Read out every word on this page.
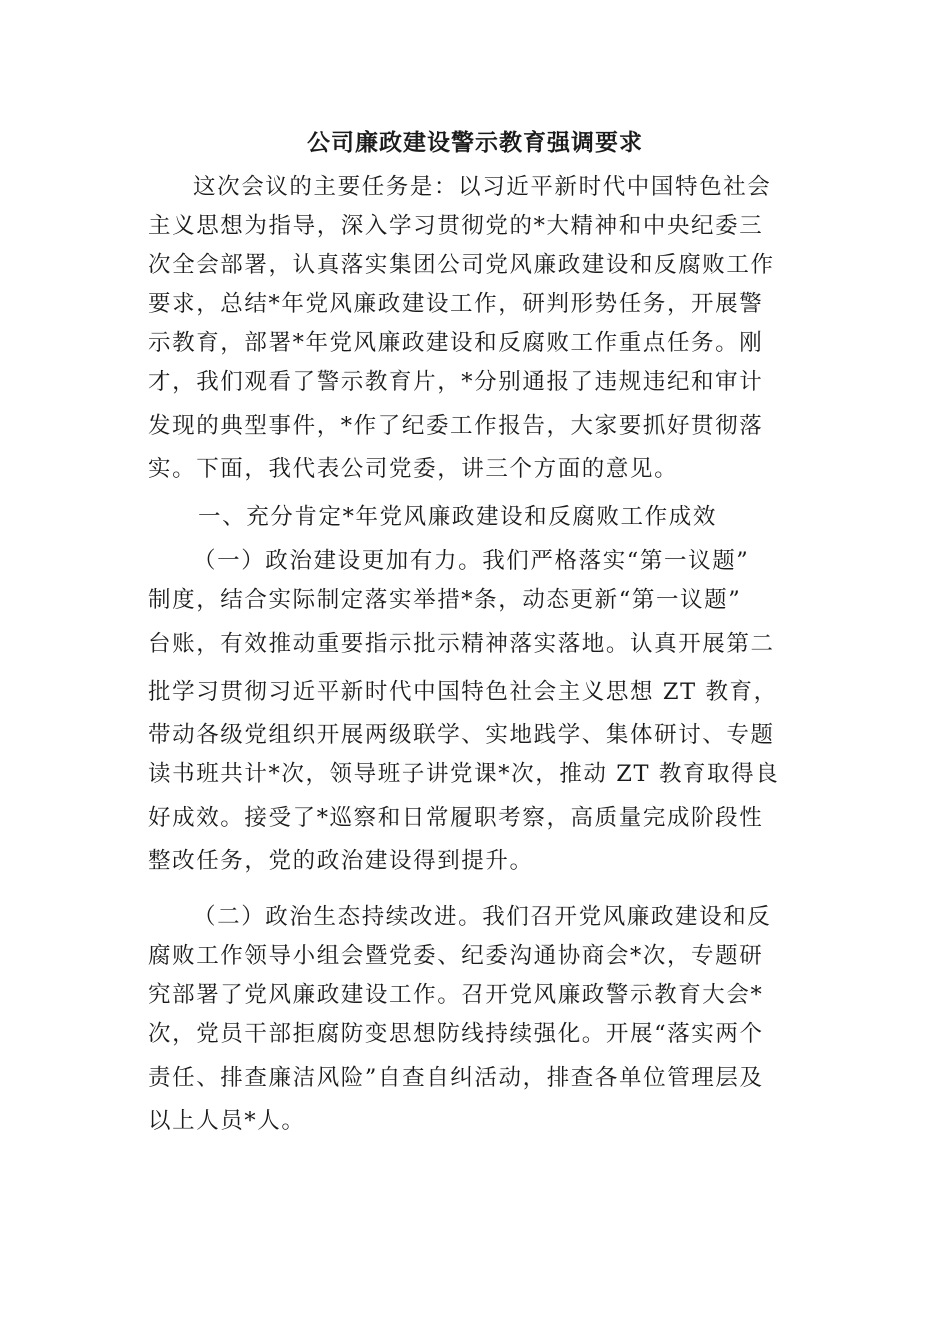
公司廉政建设警示教育强调要求
这次会议的主要任务是：以习近平新时代中国特色社会
主义思想为指导，深入学习贯彻党的*大精神和中央纪委三
次全会部署，认真落实集团公司党风廉政建设和反腐败工作
要求，总结*年党风廉政建设工作，研判形势任务，开展警
示教育，部署*年党风廉政建设和反腐败工作重点任务。刚
才，我们观看了警示教育片，*分别通报了违规违纪和审计
发现的典型事件，*作了纪委工作报告，大家要抓好贯彻落
实。下面，我代表公司党委，讲三个方面的意见。
一、充分肯定*年党风廉政建设和反腐败工作成效
（一）政治建设更加有力。我们严格落实“第一议题”
制度，结合实际制定落实举措*条，动态更新“第一议题”
台账，有效推动重要指示批示精神落实落地。认真开展第二
批学习贯彻习近平新时代中国特色社会主义思想 ZT 教育，
带动各级党组织开展两级联学、实地践学、集体研讨、专题
读书班共计*次，领导班子讲党课*次，推动 ZT 教育取得良
好成效。接受了*巡察和日常履职考察，高质量完成阶段性
整改任务，党的政治建设得到提升。
（二）政治生态持续改进。我们召开党风廉政建设和反
腐败工作领导小组会暨党委、纪委沟通协商会*次，专题研
究部署了党风廉政建设工作。召开党风廉政警示教育大会*
次，党员干部拒腐防变思想防线持续强化。开展“落实两个
责任、排查廉洁风险”自查自纠活动，排查各单位管理层及
以上人员*人。
